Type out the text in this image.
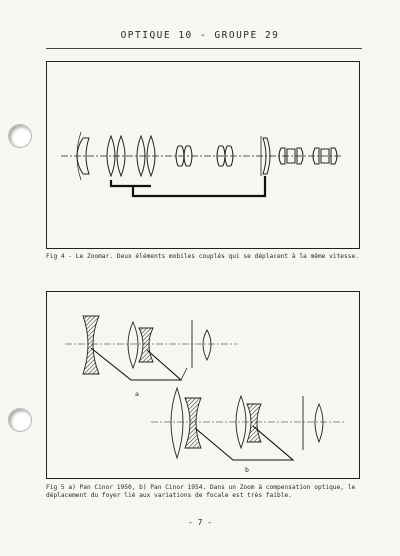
OPTIQUE 10 - GROUPE 29
Fig 4 - Le Zoomar. Deux éléments mobiles couplés qui se déplacent à la même vitesse.
a
b
Fig 5 a) Pan Cinor 1950, b) Pan Cinor 1954. Dans un Zoom à compensation optique, le déplacement du foyer lié aux variations de focale est très faible.
- 7 -
